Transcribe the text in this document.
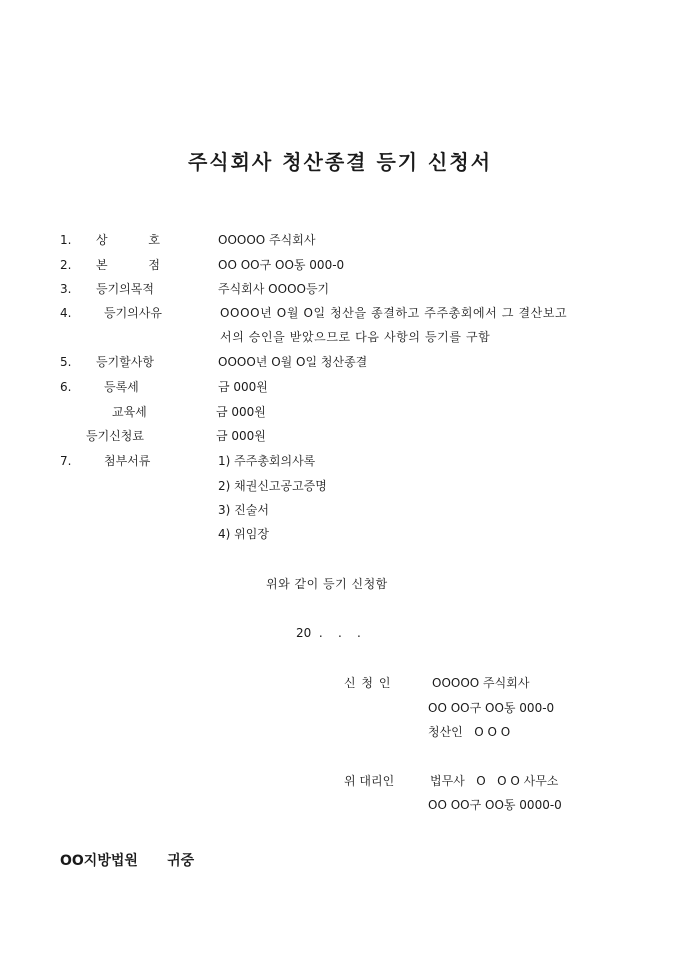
주식회사 청산종결 등기 신청서
1. 상	호	OOOOO 주식회사
2. 본	점	OO OO구 OO동 000-0
3. 등기의목적	주식회사 OOOO등기
4.	등기의사유	OOOO년 O월 O일 청산을 종결하고 주주총회에서 그 결산보고
서의 승인을 받았으므로 다음 사항의 등기를 구함
5. 등기할사항	OOOO년 O월 O일 청산종결
6.	등록세	금 000원
교육세	금 000원
등기신청료	금 000원
7.	첨부서류	1) 주주총회의사록
2) 채권신고공고증명
3) 진술서
4) 위임장
위와 같이 등기 신청함
20  .    .    .
신 청 인	OOOOO 주식회사
OO OO구 OO동 000-0
청산인   O O O
위 대리인	법무사   O   O O 사무소
OO OO구 OO동 0000-0
OO지방법원      귀중
